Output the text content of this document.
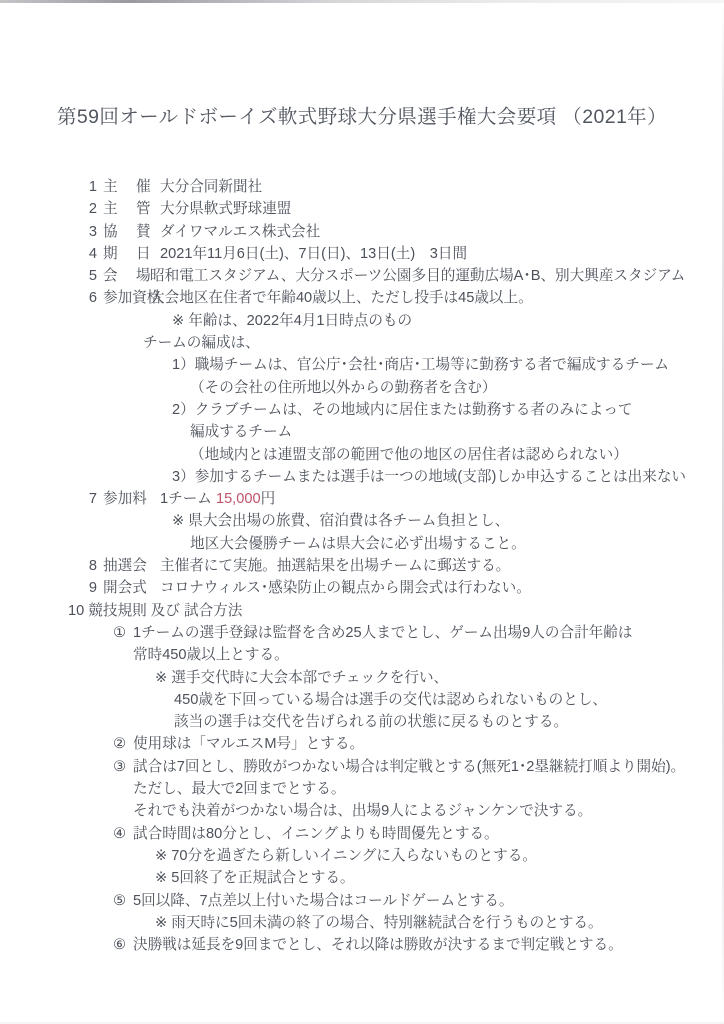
第59回オールドボーイズ軟式野球大分県選手権大会要項 （2021年）
1 主 催 大分合同新聞社
2 主 管 大分県軟式野球連盟
3 協 賛 ダイワマルエス株式会社
4 期 日 2021年11月6日(土)、7日(日)、13日(土)　3日間
5 会 場
昭和電工スタジアム、大分スポーツ公園多目的運動広場A･B、別大興産スタジアム
6 参加資格
大会地区在住者で年齢40歳以上、ただし投手は45歳以上。
※ 年齢は、2022年4月1日時点のもの
チームの編成は、
1）職場チームは、官公庁･会社･商店･工場等に勤務する者で編成するチーム
（その会社の住所地以外からの勤務者を含む）
2）クラブチームは、その地域内に居住または勤務する者のみによって
編成するチーム
（地域内とは連盟支部の範囲で他の地区の居住者は認められない）
3）参加するチームまたは選手は一つの地域(支部)しか申込することは出来ない
7 参加料 1チーム 15,000円
※ 県大会出場の旅費、宿泊費は各チーム負担とし、
地区大会優勝チームは県大会に必ず出場すること。
8 抽選会 主催者にて実施。抽選結果を出場チームに郵送する。
9 開会式 コロナウィルス･感染防止の観点から開会式は行わない。
10 競技規則 及び 試合方法
① 1チームの選手登録は監督を含め25人までとし、ゲーム出場9人の合計年齢は
常時450歳以上とする。
※ 選手交代時に大会本部でチェックを行い、
450歳を下回っている場合は選手の交代は認められないものとし、
該当の選手は交代を告げられる前の状態に戻るものとする。
② 使用球は「マルエスM号」とする。
③ 試合は7回とし、勝敗がつかない場合は判定戦とする(無死1･2塁継続打順より開始)。
ただし、最大で2回までとする。
それでも決着がつかない場合は、出場9人によるジャンケンで決する。
④ 試合時間は80分とし、イニングよりも時間優先とする。
※ 70分を過ぎたら新しいイニングに入らないものとする。
※ 5回終了を正規試合とする。
⑤ 5回以降、7点差以上付いた場合はコールドゲームとする。
※ 雨天時に5回未満の終了の場合、特別継続試合を行うものとする。
⑥ 決勝戦は延長を9回までとし、それ以降は勝敗が決するまで判定戦とする。
